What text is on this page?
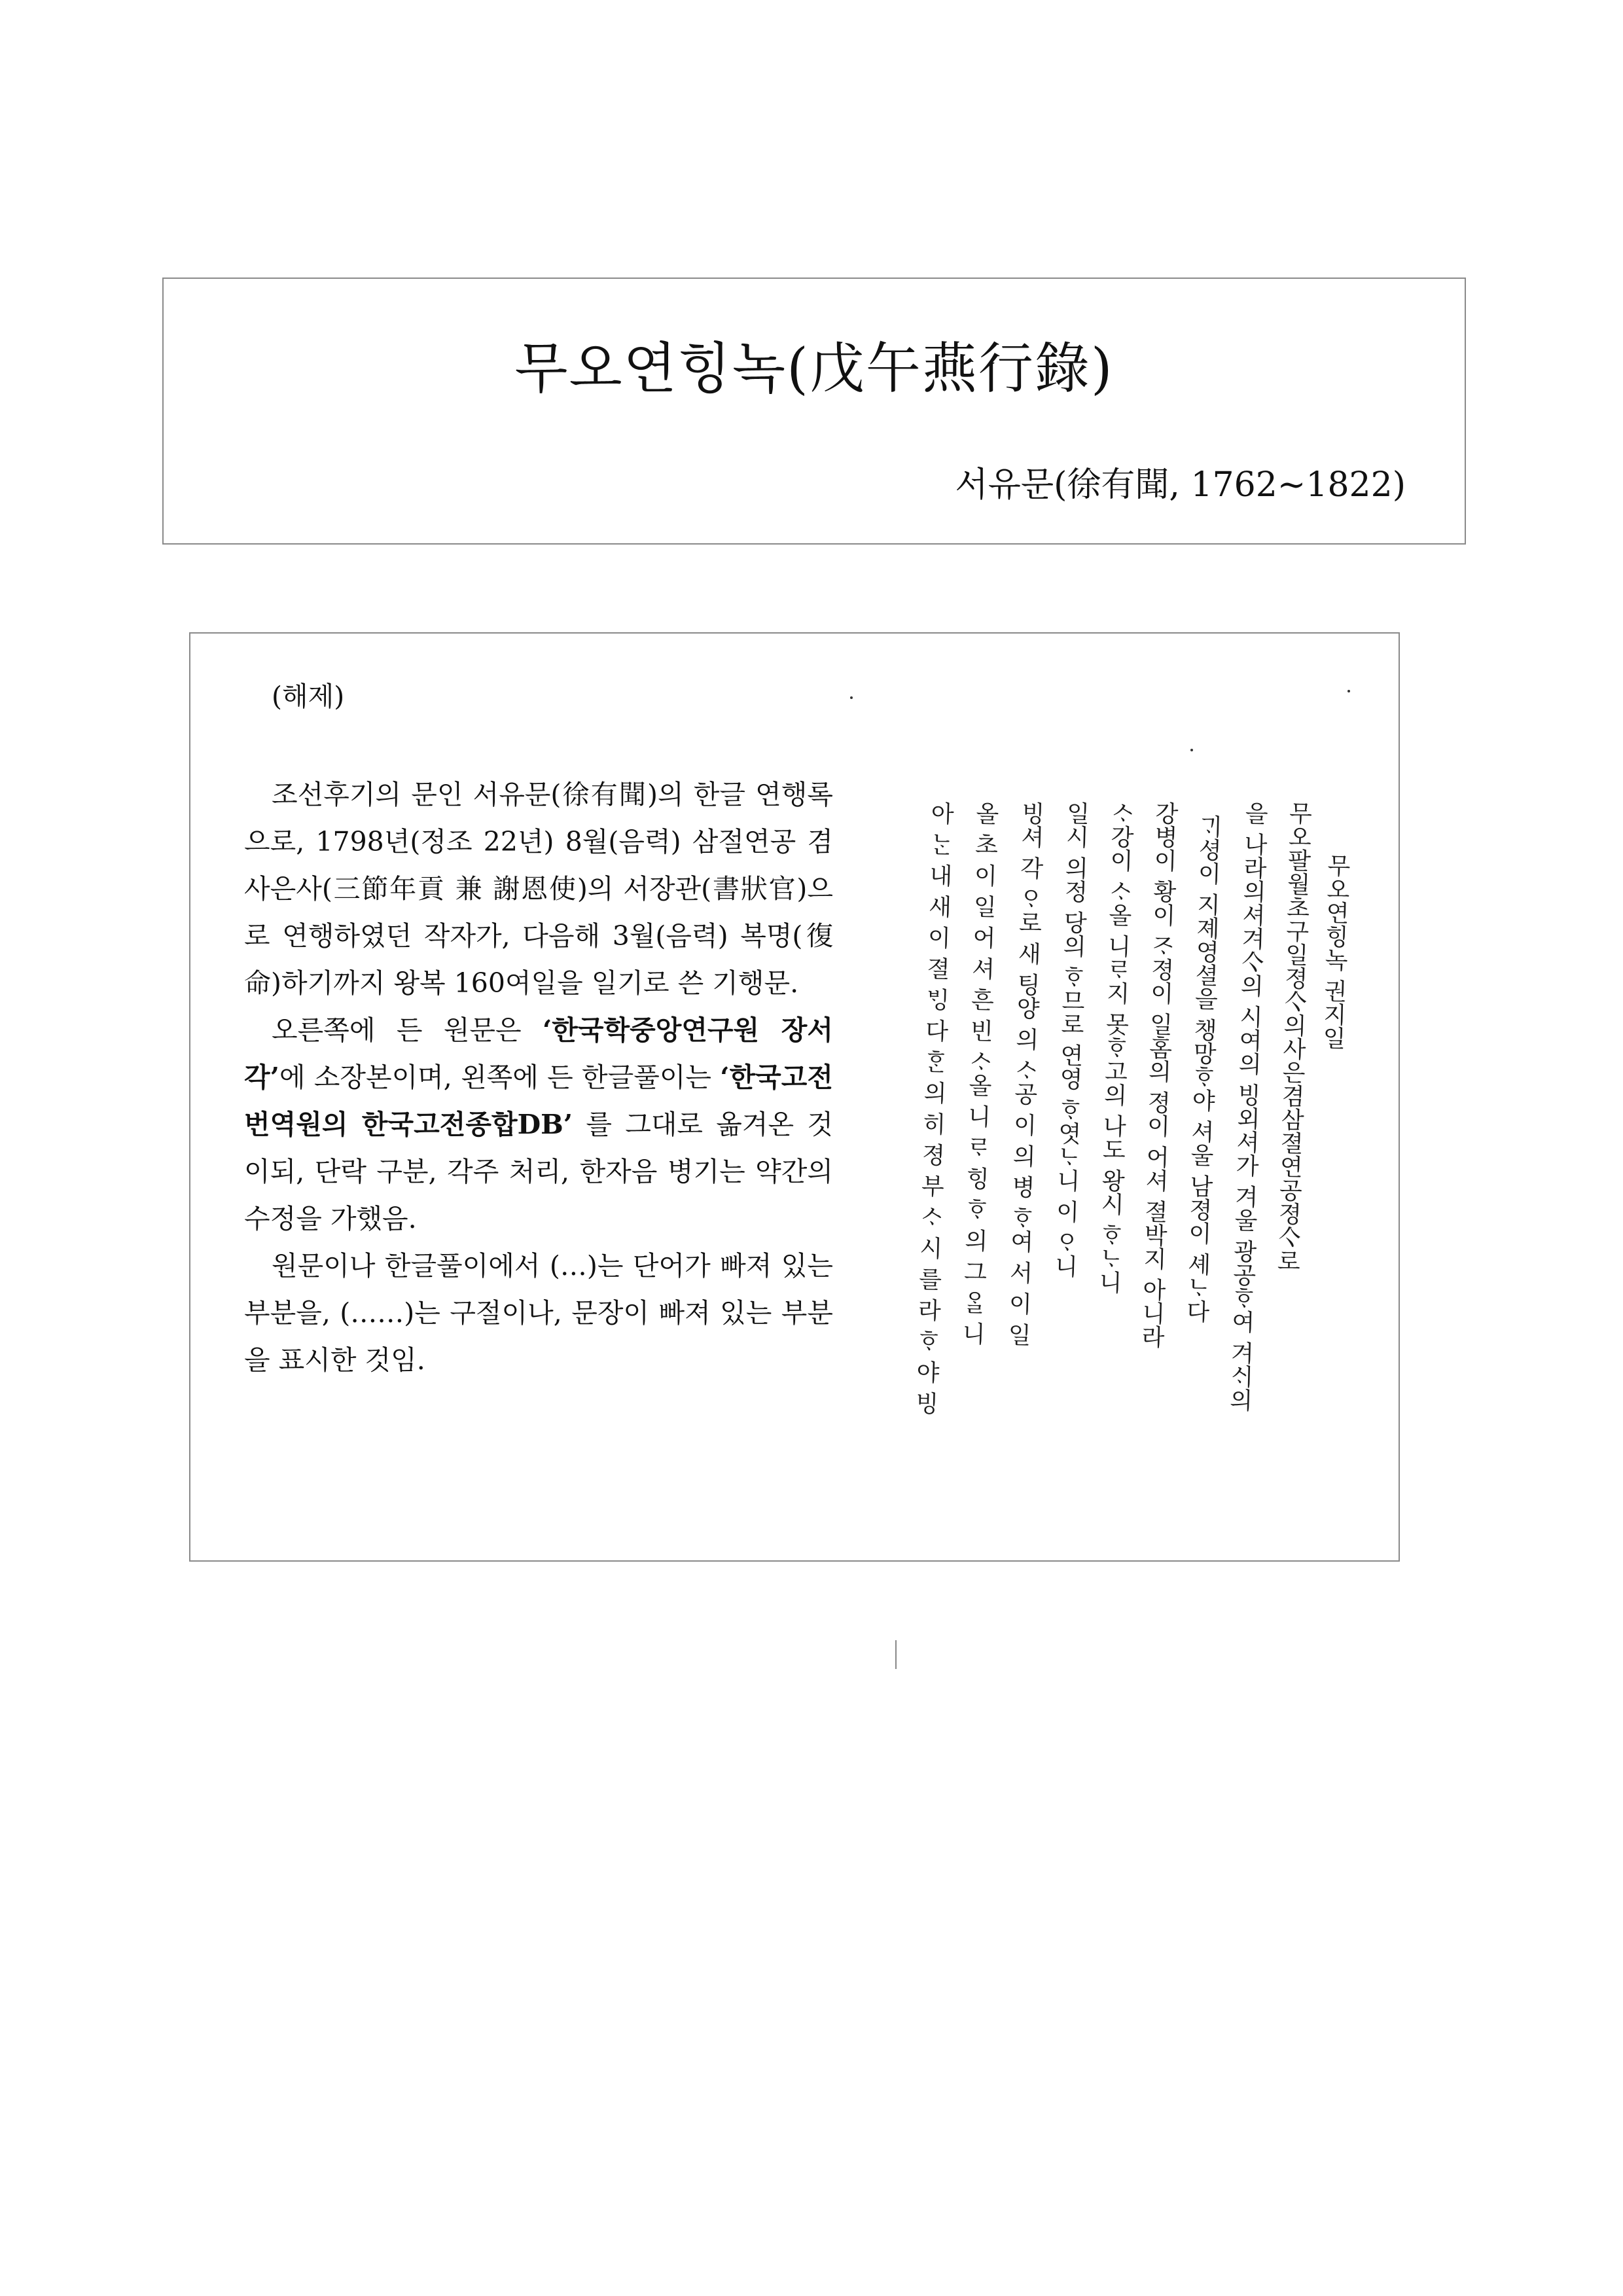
무오연힝녹(戊午燕行錄)
서유문(徐有聞, 1762~1822)
(해제)

조선후기의 문인 서유문(徐有聞)의 한글 연행록으로, 1798년(정조 22년) 8월(음력) 삼절연공 겸 사은사(三節年貢 兼 謝恩使)의 서장관(書狀官)으로 연행하였던 작자가, 다음해 3월(음력) 복명(復命)하기까지 왕복 160여일을 일기로 쓴 기행문.

오른쪽에 든 원문은 ‘한국학중앙연구원 장서각’에 소장본이며, 왼쪽에 든 한글풀이는 ‘한국고전번역원의 한국고전종합DB’ 를 그대로 옮겨온 것이되, 단락 구분, 각주 처리, 한자음 병기는 약간의 수정을 가했음.

원문이나 한글풀이에서 (…)는 단어가 빠져 있는 부분을, (……)는 구절이나, 문장이 빠져 있는 부분을 표시한 것임.

무오연힝녹 권지일
무오팔월초구일졍亽의사은겸삼졀연공졍亽로
을 나라의셔겨亽의 시여의 빙외셔가 겨울 광공ᄒᆞ여 겨ᄉᆡ의
ᄀᆡ셩이 지졔영셜을 챙망ᄒᆞ야 셔울 남졍이 셰ᄂᆞ다
강병이 황이 ᄌᆞ졍이 일홈의 졍이 어셔 졀박지 아니라
ᄉᆞ강이 ᄉᆞ올 니ᄅᆞ지 못ᄒᆞ고의 나도 왕시 ᄒᆞᄂᆞ니
일시 의정 당의 ᄒᆞ므로 연영 ᄒᆞ엿ᄂᆞ니 이 ᄋᆞ니
빙셔 각 ᄋᆞ로 새 팅양 의 ᄉᆞ공 이 의 병 ᄒᆞ여 서 이 일
올 초 이 일 어 셔 흔 빈 ᄉᆞ올 니 ᄅᆞ 힝 ᄒᆞ 의 그 ᄋᆞᆯ 니
아 ᄂᆞᆫ 내 새 이 졀 ᄇᆡᆼ 다 ᄒᆞᆫ 의 히 졍 부 ᄉᆞ 시 를 라 ᄒᆞ 야 빙
